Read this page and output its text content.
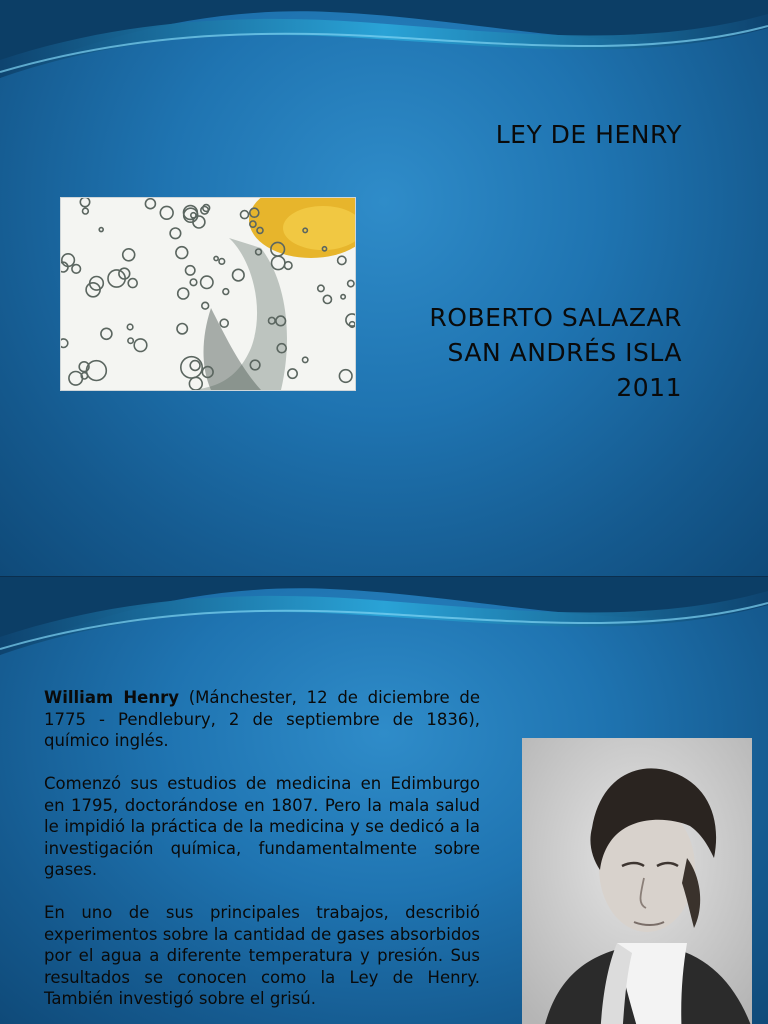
LEY DE HENRY
ROBERTO SALAZAR
SAN ANDRÉS ISLA
2011

William Henry (Mánchester, 12 de diciembre de 1775 - Pendlebury, 2 de septiembre de 1836), químico inglés.

Comenzó sus estudios de medicina en Edimburgo en 1795, doctorándose en 1807. Pero la mala salud le impidió la práctica de la medicina y se dedicó a la investigación química, fundamentalmente sobre gases.

En uno de sus principales trabajos, describió experimentos sobre la cantidad de gases absorbidos por el agua a diferente temperatura y presión. Sus resultados se conocen como la Ley de Henry. También investigó sobre el grisú.
